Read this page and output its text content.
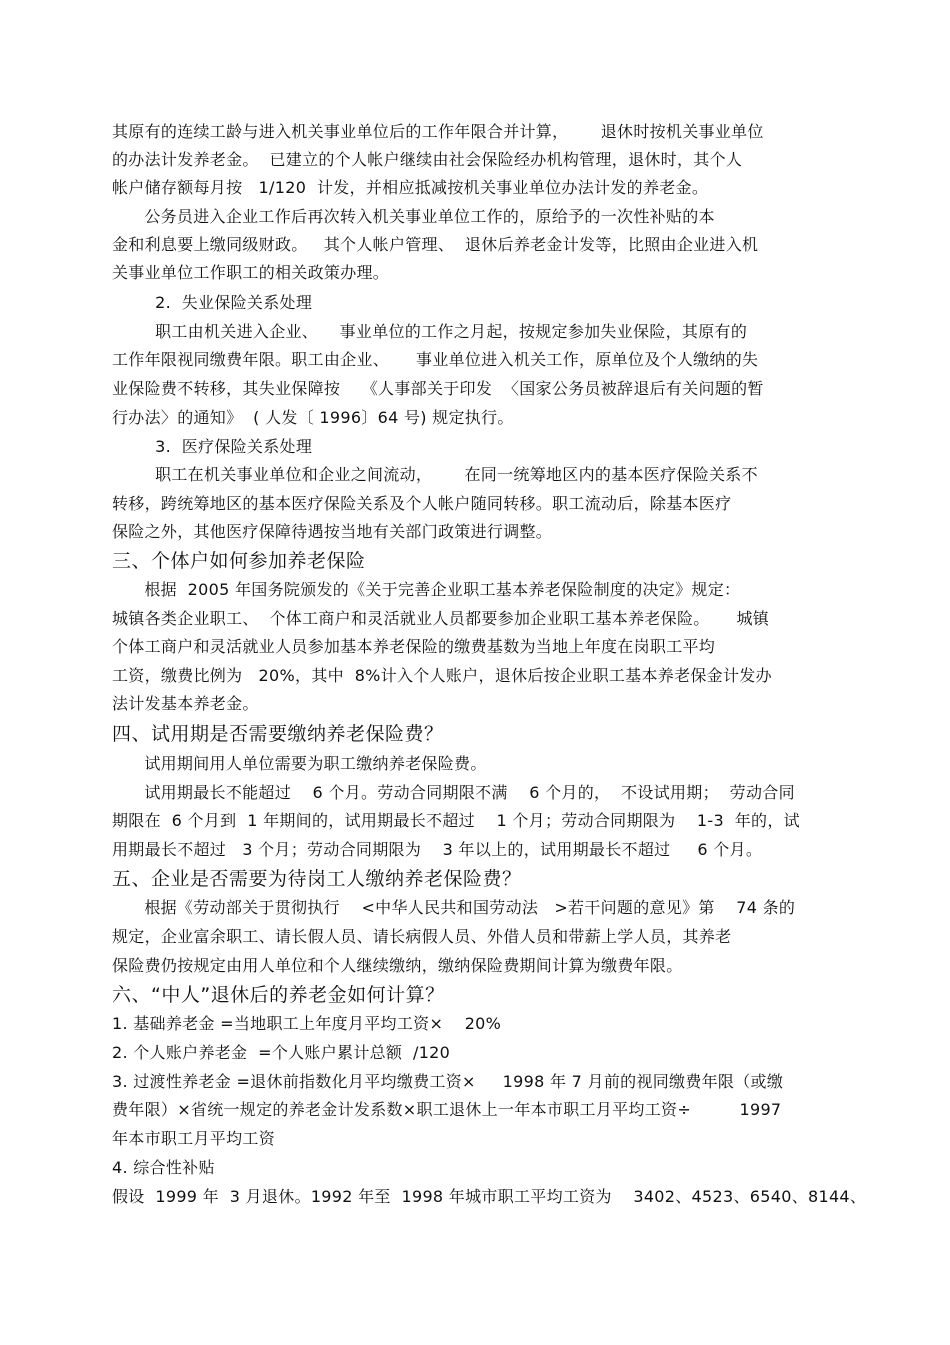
其原有的连续工龄与进入机关事业单位后的工作年限合并计算，      退休时按机关事业单位
的办法计发养老金。  已建立的个人帐户继续由社会保险经办机构管理，退休时，其个人
帐户储存额每月按   1/120  计发，并相应抵减按机关事业单位办法计发的养老金。
公务员进入企业工作后再次转入机关事业单位工作的，原给予的一次性补贴的本
金和利息要上缴同级财政。   其个人帐户管理、  退休后养老金计发等，比照由企业进入机
关事业单位工作职工的相关政策办理。
2.  失业保险关系处理
职工由机关进入企业、    事业单位的工作之月起，按规定参加失业保险，其原有的
工作年限视同缴费年限。职工由企业、     事业单位进入机关工作，原单位及个人缴纳的失
业保险费不转移，其失业保障按    《人事部关于印发  〈国家公务员被辞退后有关问题的暂
行办法〉的通知》  ( 人发〔 1996〕64 号) 规定执行。
3.  医疗保险关系处理
职工在机关事业单位和企业之间流动，      在同一统筹地区内的基本医疗保险关系不
转移，跨统筹地区的基本医疗保险关系及个人帐户随同转移。职工流动后，除基本医疗
保险之外，其他医疗保障待遇按当地有关部门政策进行调整。
三、个体户如何参加养老保险
根据  2005 年国务院颁发的《关于完善企业职工基本养老保险制度的决定》规定：
城镇各类企业职工、  个体工商户和灵活就业人员都要参加企业职工基本养老保险。     城镇
个体工商户和灵活就业人员参加基本养老保险的缴费基数为当地上年度在岗职工平均
工资，缴费比例为   20%，其中  8%计入个人账户，退休后按企业职工基本养老保金计发办
法计发基本养老金。
四、试用期是否需要缴纳养老保险费？
试用期间用人单位需要为职工缴纳养老保险费。
试用期最长不能超过    6 个月。劳动合同期限不满    6 个月的，  不设试用期；  劳动合同
期限在  6 个月到  1 年期间的，试用期最长不超过    1 个月；劳动合同期限为    1-3  年的，试
用期最长不超过   3 个月；劳动合同期限为    3 年以上的，试用期最长不超过     6 个月。
五、企业是否需要为待岗工人缴纳养老保险费？
根据《劳动部关于贯彻执行    <中华人民共和国劳动法   >若干问题的意见》第    74 条的
规定，企业富余职工、请长假人员、请长病假人员、外借人员和带薪上学人员，其养老
保险费仍按规定由用人单位和个人继续缴纳，缴纳保险费期间计算为缴费年限。
六、“中人”退休后的养老金如何计算？
1. 基础养老金 =当地职工上年度月平均工资×    20%
2. 个人账户养老金  =个人账户累计总额  /120
3. 过渡性养老金 =退休前指数化月平均缴费工资×     1998 年 7 月前的视同缴费年限（或缴
费年限）×省统一规定的养老金计发系数×职工退休上一年本市职工月平均工资÷         1997
年本市职工月平均工资
4. 综合性补贴
假设  1999 年  3 月退休。1992 年至  1998 年城市职工平均工资为    3402、4523、6540、8144、
